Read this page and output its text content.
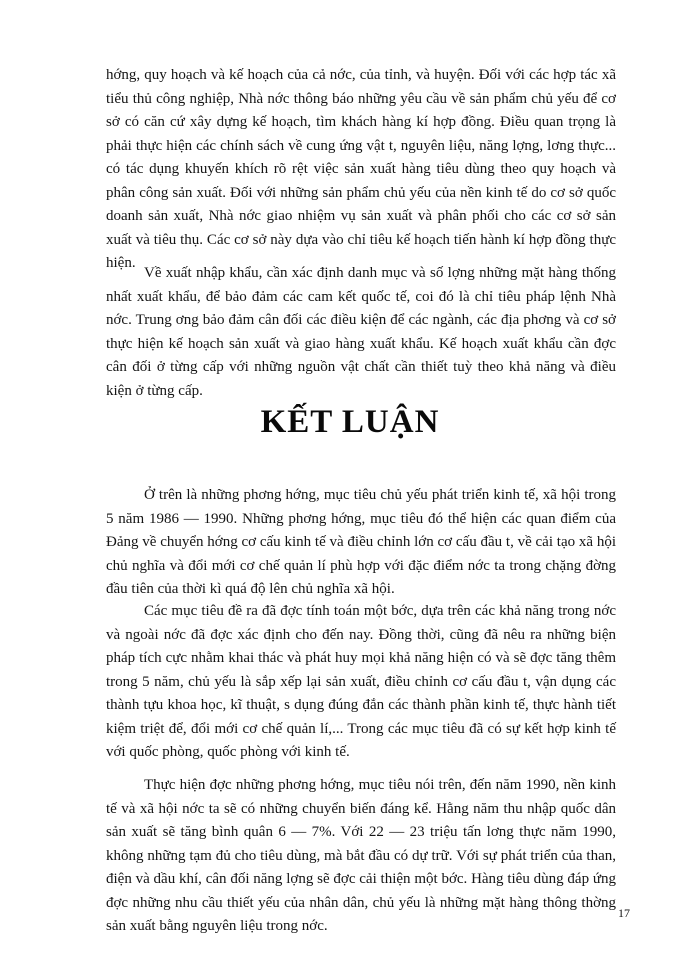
hớng, quy hoạch và kế hoạch của cả nớc, của tỉnh, và huyện. Đối với các hợp tác xã tiểu thủ công nghiệp, Nhà nớc thông báo những yêu cầu về sản phẩm chủ yếu để cơ sở có căn cứ xây dựng kế hoạch, tìm khách hàng kí hợp đồng. Điều quan trọng là phải thực hiện các chính sách về cung ứng vật t, nguyên liệu, năng lợng, lơng thực... có tác dụng khuyến khích rõ rệt việc sản xuất hàng tiêu dùng theo quy hoạch và phân công sản xuất. Đối với những sản phẩm chủ yếu của nền kinh tế do cơ sở quốc doanh sản xuất, Nhà nớc giao nhiệm vụ sản xuất và phân phối cho các cơ sở sản xuất và tiêu thụ. Các cơ sở này dựa vào chỉ tiêu kế hoạch tiến hành kí hợp đồng thực hiện.

Về xuất nhập khẩu, cần xác định danh mục và số lợng những mặt hàng thống nhất xuất khẩu, để bảo đảm các cam kết quốc tế, coi đó là chỉ tiêu pháp lệnh Nhà nớc. Trung ơng bảo đảm cân đối các điều kiện để các ngành, các địa phơng và cơ sở thực hiện kế hoạch sản xuất và giao hàng xuất khẩu. Kế hoạch xuất khẩu cần đợc cân đối ở từng cấp với những nguồn vật chất cần thiết tuỳ theo khả năng và điều kiện ở từng cấp.

KẾT LUẬN

Ở trên là những phơng hớng, mục tiêu chủ yếu phát triển kinh tế, xã hội trong 5 năm 1986 — 1990. Những phơng hớng, mục tiêu đó thể hiện các quan điểm của Đảng về chuyển hớng cơ cấu kinh tế và điều chỉnh lớn cơ cấu đầu t, về cải tạo xã hội chủ nghĩa và đổi mới cơ chế quản lí phù hợp với đặc điểm nớc ta trong chặng đờng đầu tiên của thời kì quá độ lên chủ nghĩa xã hội.

Các mục tiêu đề ra đã đợc tính toán một bớc, dựa trên các khả năng trong nớc và ngoài nớc đã đợc xác định cho đến nay. Đồng thời, cũng đã nêu ra những biện pháp tích cực nhằm khai thác và phát huy mọi khả năng hiện có và sẽ đợc tăng thêm trong 5 năm, chủ yếu là sắp xếp lại sản xuất, điều chỉnh cơ cấu đầu t, vận dụng các thành tựu khoa học, kĩ thuật, s dụng đúng đắn các thành phần kinh tế, thực hành tiết kiệm triệt để, đổi mới cơ chế quản lí,... Trong các mục tiêu đã có sự kết hợp kinh tế với quốc phòng, quốc phòng với kinh tế.

Thực hiện đợc những phơng hớng, mục tiêu nói trên, đến năm 1990, nền kinh tế và xã hội nớc ta sẽ có những chuyển biến đáng kể. Hằng năm thu nhập quốc dân sản xuất sẽ tăng bình quân 6 — 7%. Với 22 — 23 triệu tấn lơng thực năm 1990, không những tạm đủ cho tiêu dùng, mà bắt đầu có dự trữ. Với sự phát triển của than, điện và dầu khí, cân đối năng lợng sẽ đợc cải thiện một bớc. Hàng tiêu dùng đáp ứng đợc những nhu cầu thiết yếu của nhân dân, chủ yếu là những mặt hàng thông thờng sản xuất bằng nguyên liệu trong nớc.

17
